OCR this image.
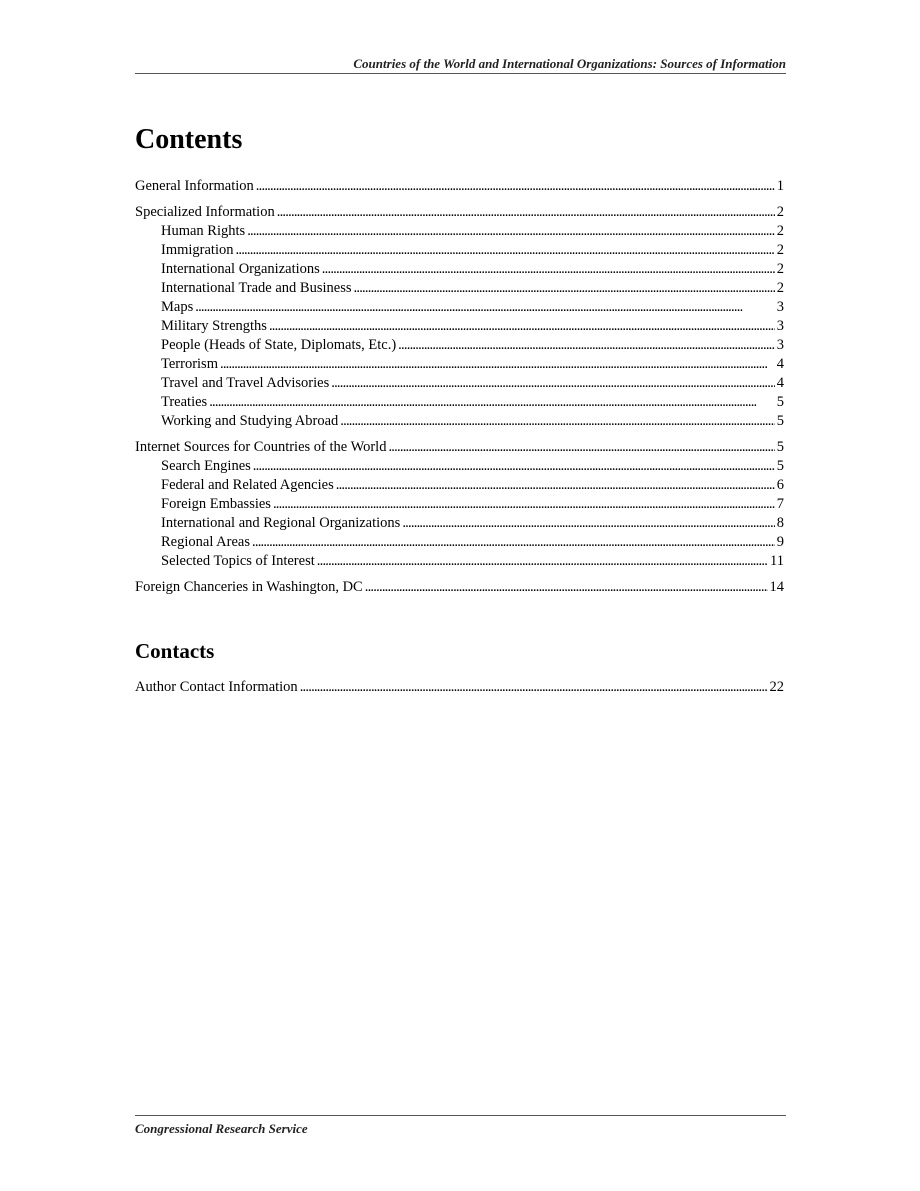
Countries of the World and International Organizations: Sources of Information
Contents
General Information . . .	1
Specialized Information . . .	2
Human Rights . . .	2
Immigration . . .	2
International Organizations . . .	2
International Trade and Business . . .	2
Maps . . .	3
Military Strengths . . .	3
People (Heads of State, Diplomats, Etc.) . . .	3
Terrorism . . .	4
Travel and Travel Advisories . . .	4
Treaties . . .	5
Working and Studying Abroad . . .	5
Internet Sources for Countries of the World . . .	5
Search Engines . . .	5
Federal and Related Agencies . . .	6
Foreign Embassies . . .	7
International and Regional Organizations . . .	8
Regional Areas . . .	9
Selected Topics of Interest . . .	11
Foreign Chanceries in Washington, DC . . .	14
Contacts
Author Contact Information . . .	22
Congressional Research Service
